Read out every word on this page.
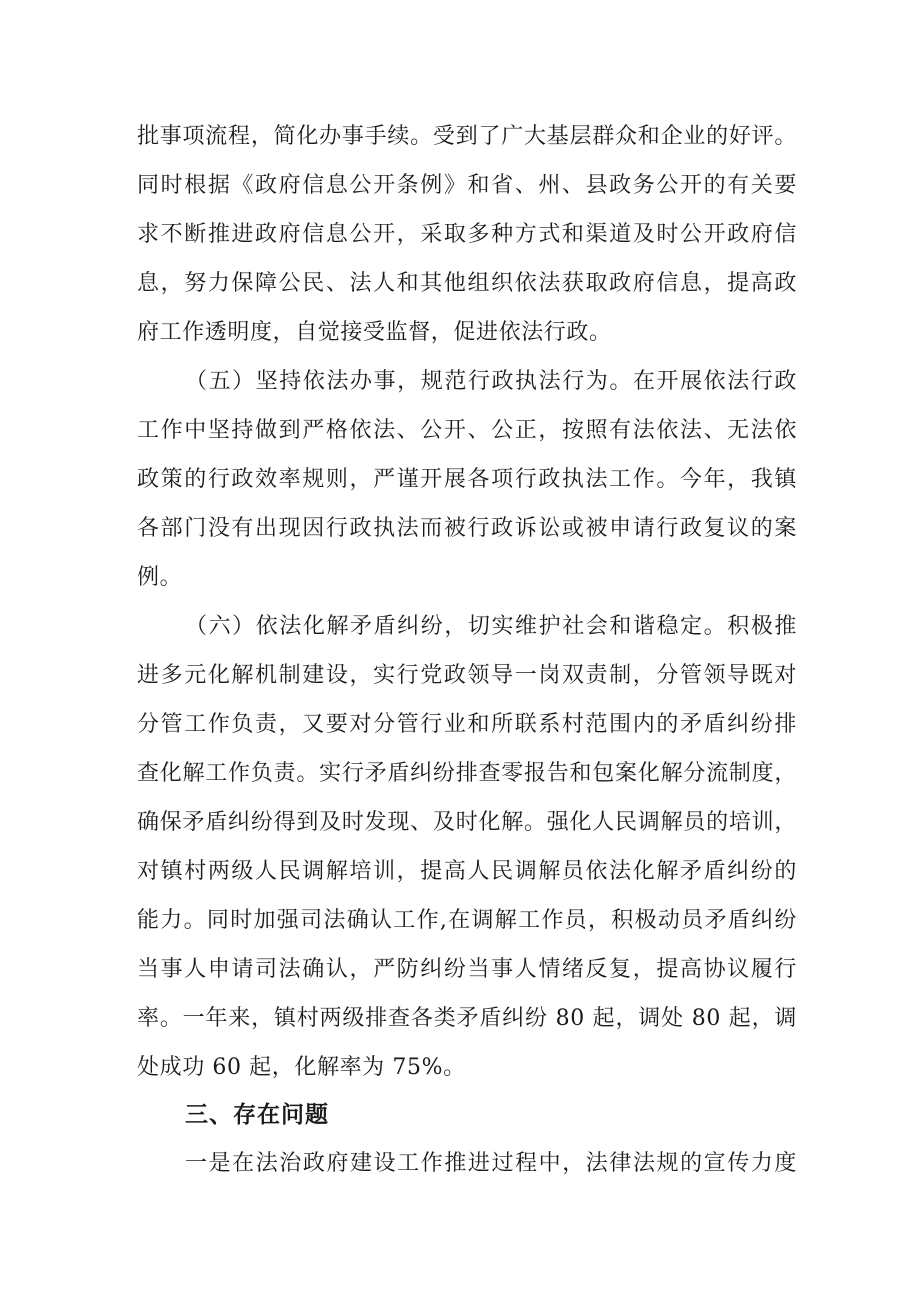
批事项流程，简化办事手续。受到了广大基层群众和企业的好评。
同时根据《政府信息公开条例》和省、州、县政务公开的有关要
求不断推进政府信息公开，采取多种方式和渠道及时公开政府信
息，努力保障公民、法人和其他组织依法获取政府信息，提高政
府工作透明度，自觉接受监督，促进依法行政。
（五）坚持依法办事，规范行政执法行为。在开展依法行政
工作中坚持做到严格依法、公开、公正，按照有法依法、无法依
政策的行政效率规则，严谨开展各项行政执法工作。今年，我镇
各部门没有出现因行政执法而被行政诉讼或被申请行政复议的案
例。
（六）依法化解矛盾纠纷，切实维护社会和谐稳定。积极推
进多元化解机制建设，实行党政领导一岗双责制，分管领导既对
分管工作负责，又要对分管行业和所联系村范围内的矛盾纠纷排
查化解工作负责。实行矛盾纠纷排查零报告和包案化解分流制度，
确保矛盾纠纷得到及时发现、及时化解。强化人民调解员的培训，
对镇村两级人民调解培训，提高人民调解员依法化解矛盾纠纷的
能力。同时加强司法确认工作,在调解工作员，积极动员矛盾纠纷
当事人申请司法确认，严防纠纷当事人情绪反复，提高协议履行
率。一年来，镇村两级排查各类矛盾纠纷 80 起，调处 80 起，调
处成功 60 起，化解率为 75%。
三、存在问题
一是在法治政府建设工作推进过程中，法律法规的宣传力度
